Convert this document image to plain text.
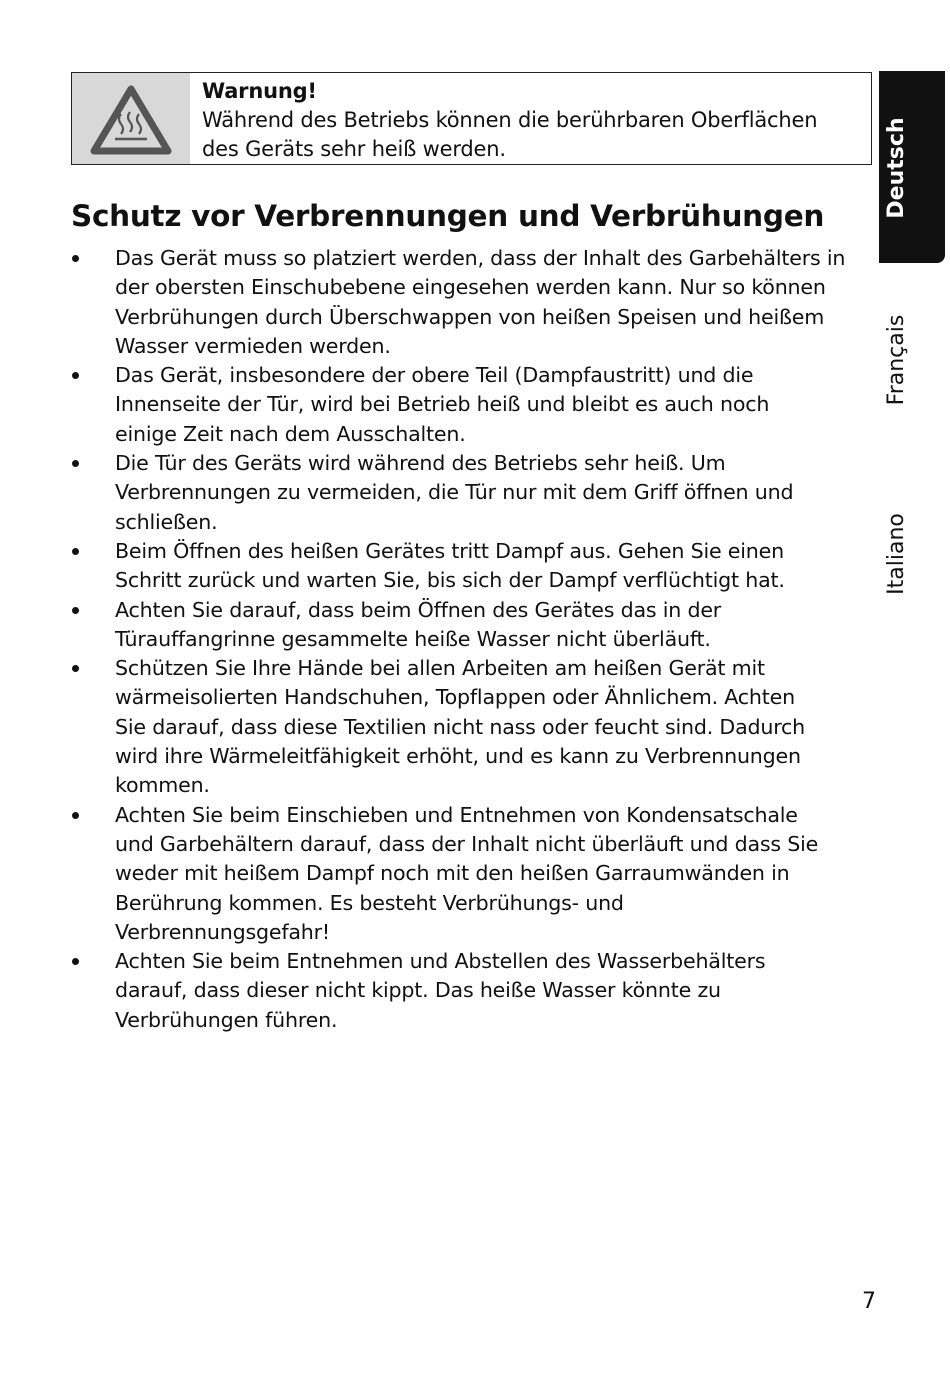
Warnung!
Während des Betriebs können die berührbaren Oberflächen
des Geräts sehr heiß werden.
Schutz vor Verbrennungen und Verbrühungen
Das Gerät muss so platziert werden, dass der Inhalt des Garbehälters in
der obersten Einschubebene eingesehen werden kann. Nur so können
Verbrühungen durch Überschwappen von heißen Speisen und heißem
Wasser vermieden werden.
Das Gerät, insbesondere der obere Teil (Dampfaustritt) und die
Innenseite der Tür, wird bei Betrieb heiß und bleibt es auch noch
einige Zeit nach dem Ausschalten.
Die Tür des Geräts wird während des Betriebs sehr heiß. Um
Verbrennungen zu vermeiden, die Tür nur mit dem Griff öffnen und
schließen.
Beim Öffnen des heißen Gerätes tritt Dampf aus. Gehen Sie einen
Schritt zurück und warten Sie, bis sich der Dampf verflüchtigt hat.
Achten Sie darauf, dass beim Öffnen des Gerätes das in der
Türauffangrinne gesammelte heiße Wasser nicht überläuft.
Schützen Sie Ihre Hände bei allen Arbeiten am heißen Gerät mit
wärmeisolierten Handschuhen, Topflappen oder Ähnlichem. Achten
Sie darauf, dass diese Textilien nicht nass oder feucht sind. Dadurch
wird ihre Wärmeleitfähigkeit erhöht, und es kann zu Verbrennungen
kommen.
Achten Sie beim Einschieben und Entnehmen von Kondensatschale
und Garbehältern darauf, dass der Inhalt nicht überläuft und dass Sie
weder mit heißem Dampf noch mit den heißen Garraumwänden in
Berührung kommen. Es besteht Verbrühungs- und
Verbrennungsgefahr!
Achten Sie beim Entnehmen und Abstellen des Wasserbehälters
darauf, dass dieser nicht kippt. Das heiße Wasser könnte zu
Verbrühungen führen.
Deutsch
Français
Italiano
7
